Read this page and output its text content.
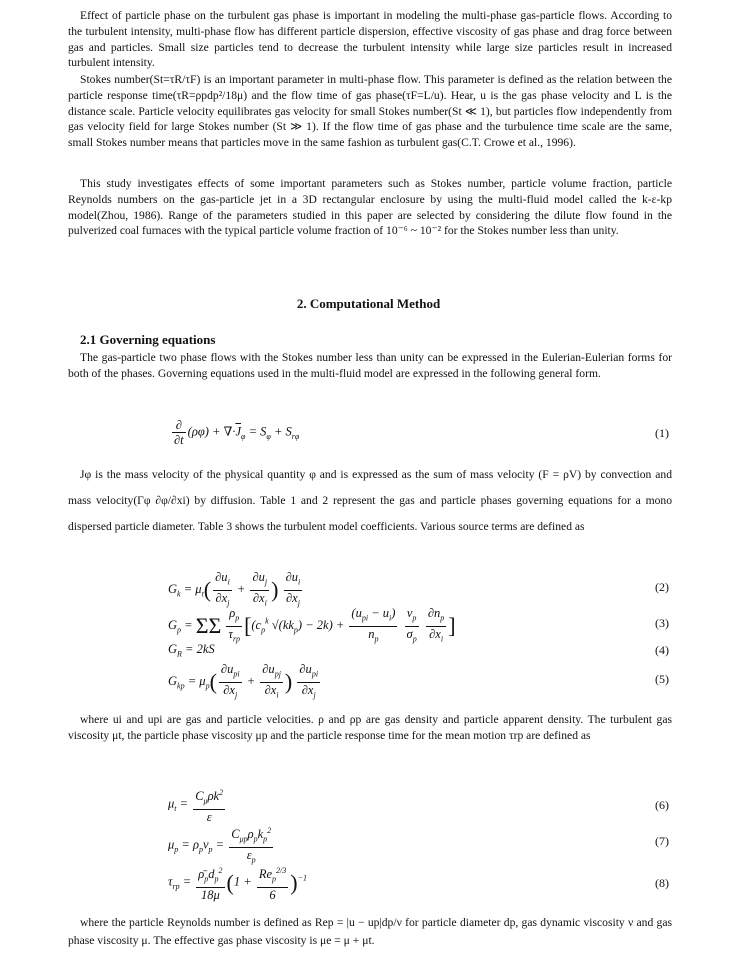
Effect of particle phase on the turbulent gas phase is important in modeling the multi-phase gas-particle flows. According to the turbulent intensity, multi-phase flow has different particle dispersion, effective viscosity of gas phase and drag force between gas and particles. Small size particles tend to decrease the turbulent intensity while large size particles result in increased turbulent intensity.

Stokes number(St=τR/τF) is an important parameter in multi-phase flow. This parameter is defined as the relation between the particle response time(τR=ρpdp²/18μ) and the flow time of gas phase(τF=L/u). Hear, u is the gas phase velocity and L is the distance scale. Particle velocity equilibrates gas velocity for small Stokes number(St ≪ 1), but particles flow independently from gas velocity field for large Stokes number (St ≫ 1). If the flow time of gas phase and the turbulence time scale are the same, small Stokes number means that particles move in the same fashion as turbulent gas(C.T. Crowe et al., 1996).

This study investigates effects of some important parameters such as Stokes number, particle volume fraction, particle Reynolds numbers on the gas-particle jet in a 3D rectangular enclosure by using the multi-fluid model called the k-ε-kp model(Zhou, 1986). Range of the parameters studied in this paper are selected by considering the dilute flow found in the pulverized coal furnaces with the typical particle volume fraction of 10⁻⁶ ~ 10⁻² for the Stokes number less than unity.

2. Computational Method
2.1 Governing equations

The gas-particle two phase flows with the Stokes number less than unity can be expressed in the Eulerian-Eulerian forms for both of the phases. Governing equations used in the multi-fluid model are expressed in the following general form.

$\frac{\partial}{\partial t} (\rho\varphi) + \nabla\cdot\overline{J}_\varphi = S_\varphi + S_{r\varphi}$	(1)

Jφ is the mass velocity of the physical quantity φ and is expressed as the sum of mass velocity (F = ρV) by convection and mass velocity(Γφ ∂φ/∂xi) by diffusion. Table 1 and 2 represent the gas and particle phases governing equations for a mono dispersed particle diameter. Table 3 shows the turbulent model coefficients. Various source terms are defined as

$G_k = \mu_t( \frac{\partial u_i}{\partial x_j} + \frac{\partial u_j}{\partial x_i}$ ) $\frac{\partial u_i}{\partial x_j}$	(2)
$G_p = \Sigma\Sigma \frac{\rho_p}{\tau_{rp}} [(c_p^k$ $√(kk_p) - 2k) + \frac{(u_{pi} - u_i)}{n_p}$
$\frac{\nu_p}{\sigma_p}$
$\frac{\partial n_p}{\partial x_i}$ ]	(3)
$G_R = 2kS$	(4)
$G_{kp} = \mu_p( \frac{\partial u_{pi}}{\partial x_j} + \frac{\partial u_{pj}}{\partial x_i}$ ) $\frac{\partial u_{pi}}{\partial x_j}$	(5)

where ui and upi are gas and particle velocities. ρ and ρp are gas density and particle apparent density. The turbulent gas viscosity μt, the particle phase viscosity μp and the particle response time for the mean motion τrp are defined as

$\mu_t = \frac{C_\mu\rho k^2}{\varepsilon}$	(6)
$\mu_p = \rho_p\nu_p = \frac{C_{\mu p}\rho_pk_p^2}{\varepsilon_p}$	(7)
$\tau_{rp} = \frac{\rhō_pd_p^2}{18\mu} (1 + \frac{Re_p^{2/3}}{6} )^{-1}$	(8)

where the particle Reynolds number is defined as Rep = |u − up|dp/ν for particle diameter dp, gas dynamic viscosity ν and gas phase viscosity μ. The effective gas phase viscosity is μe = μ + μt.
